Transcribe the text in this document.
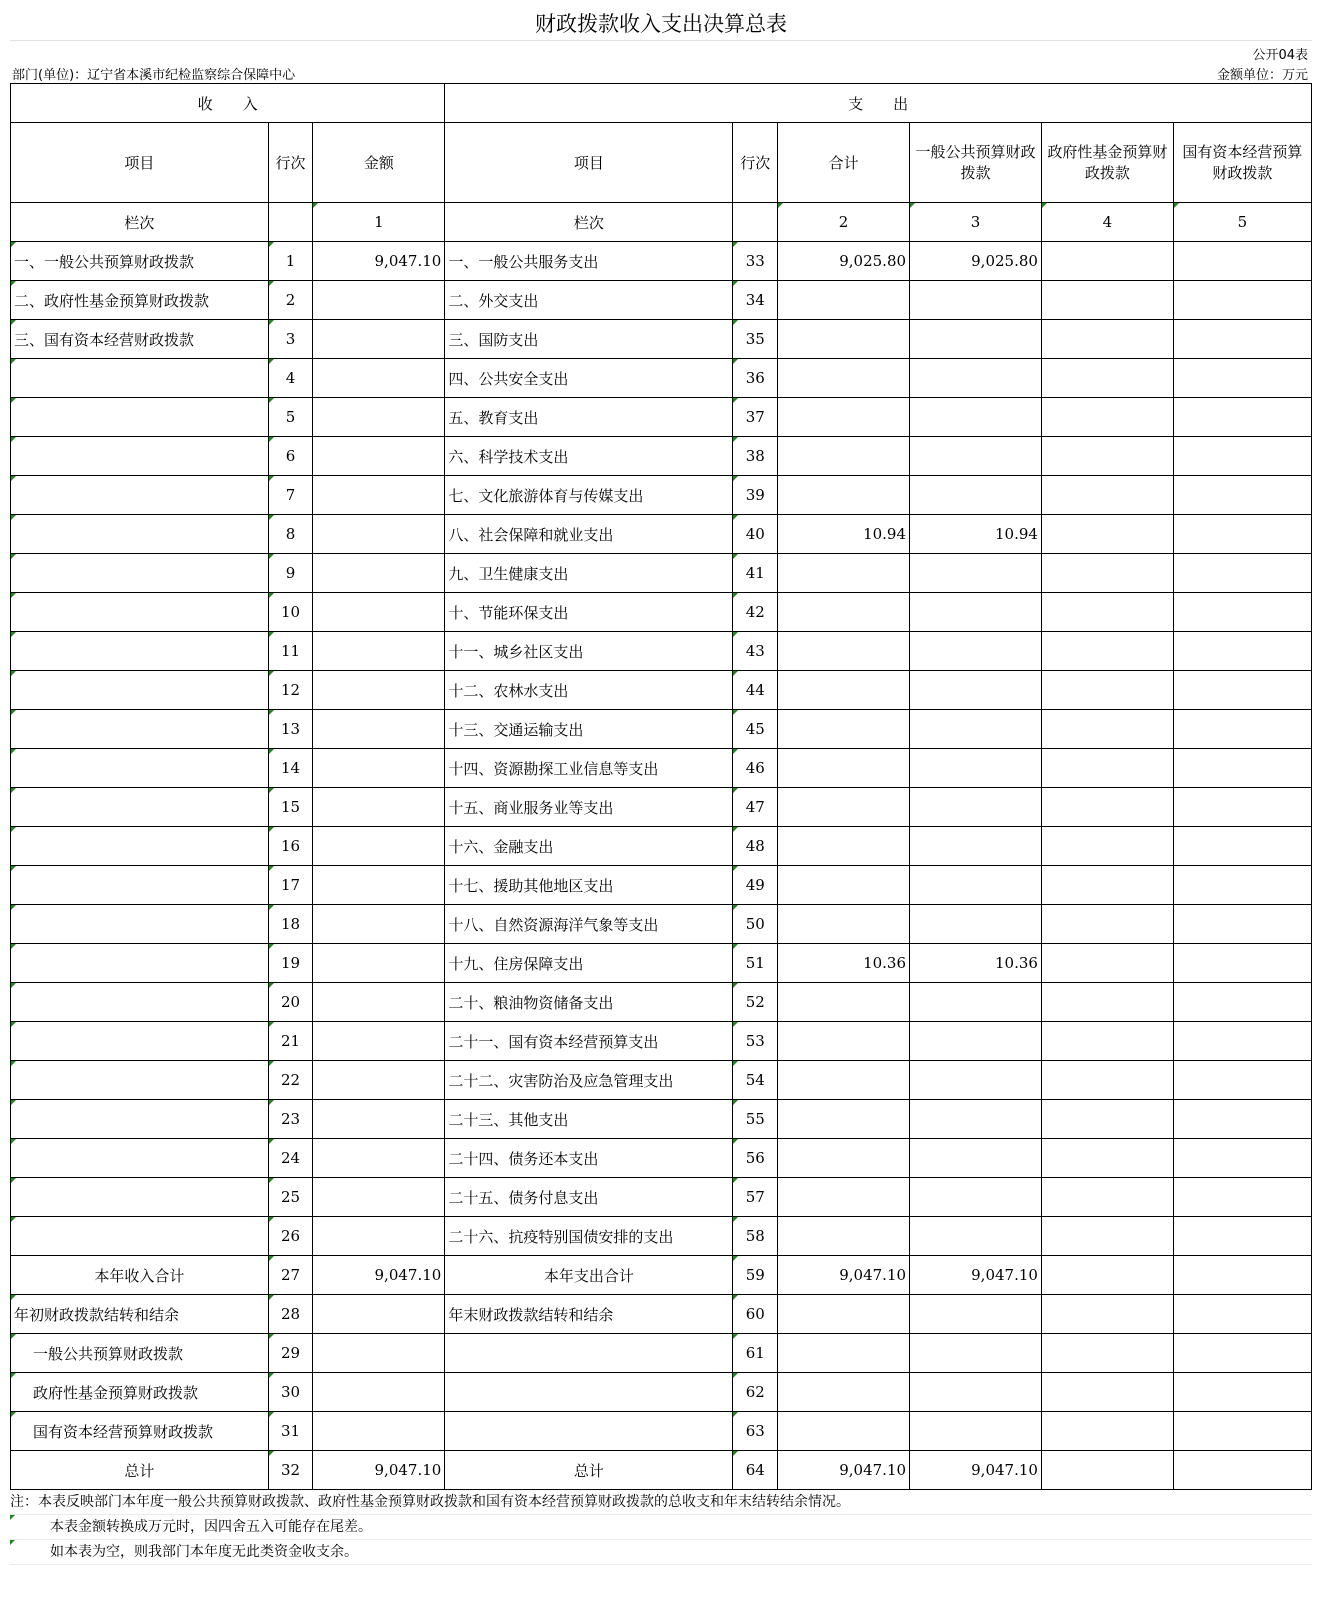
财政拨款收入支出决算总表
公开04表
部门(单位)：辽宁省本溪市纪检监察综合保障中心	金额单位：万元
收　　入			支　　出					
项目	行次	金额	项目	行次	合计	一般公共预算财政拨款	政府性基金预算财政拨款	国有资本经营预算财政拨款
栏次		1	栏次		2	3	4	5
一、一般公共预算财政拨款	1	9,047.10	一、一般公共服务支出	33	9,025.80	9,025.80		
二、政府性基金预算财政拨款	2		二、外交支出	34				
三、国有资本经营财政拨款	3		三、国防支出	35				
	4		四、公共安全支出	36				
	5		五、教育支出	37				
	6		六、科学技术支出	38				
	7		七、文化旅游体育与传媒支出	39				
	8		八、社会保障和就业支出	40	10.94	10.94		
	9		九、卫生健康支出	41				
	10		十、节能环保支出	42				
	11		十一、城乡社区支出	43				
	12		十二、农林水支出	44				
	13		十三、交通运输支出	45				
	14		十四、资源勘探工业信息等支出	46				
	15		十五、商业服务业等支出	47				
	16		十六、金融支出	48				
	17		十七、援助其他地区支出	49				
	18		十八、自然资源海洋气象等支出	50				
	19		十九、住房保障支出	51	10.36	10.36		
	20		二十、粮油物资储备支出	52				
	21		二十一、国有资本经营预算支出	53				
	22		二十二、灾害防治及应急管理支出	54				
	23		二十三、其他支出	55				
	24		二十四、债务还本支出	56				
	25		二十五、债务付息支出	57				
	26		二十六、抗疫特别国债安排的支出	58				
本年收入合计	27	9,047.10	本年支出合计	59	9,047.10	9,047.10		
年初财政拨款结转和结余	28		年末财政拨款结转和结余	60				
一般公共预算财政拨款	29			61				
政府性基金预算财政拨款	30			62				
国有资本经营预算财政拨款	31			63				
总计	32	9,047.10	总计	64	9,047.10	9,047.10		
注：本表反映部门本年度一般公共预算财政拨款、政府性基金预算财政拨款和国有资本经营预算财政拨款的总收支和年末结转结余情况。
本表金额转换成万元时，因四舍五入可能存在尾差。
如本表为空，则我部门本年度无此类资金收支余。
